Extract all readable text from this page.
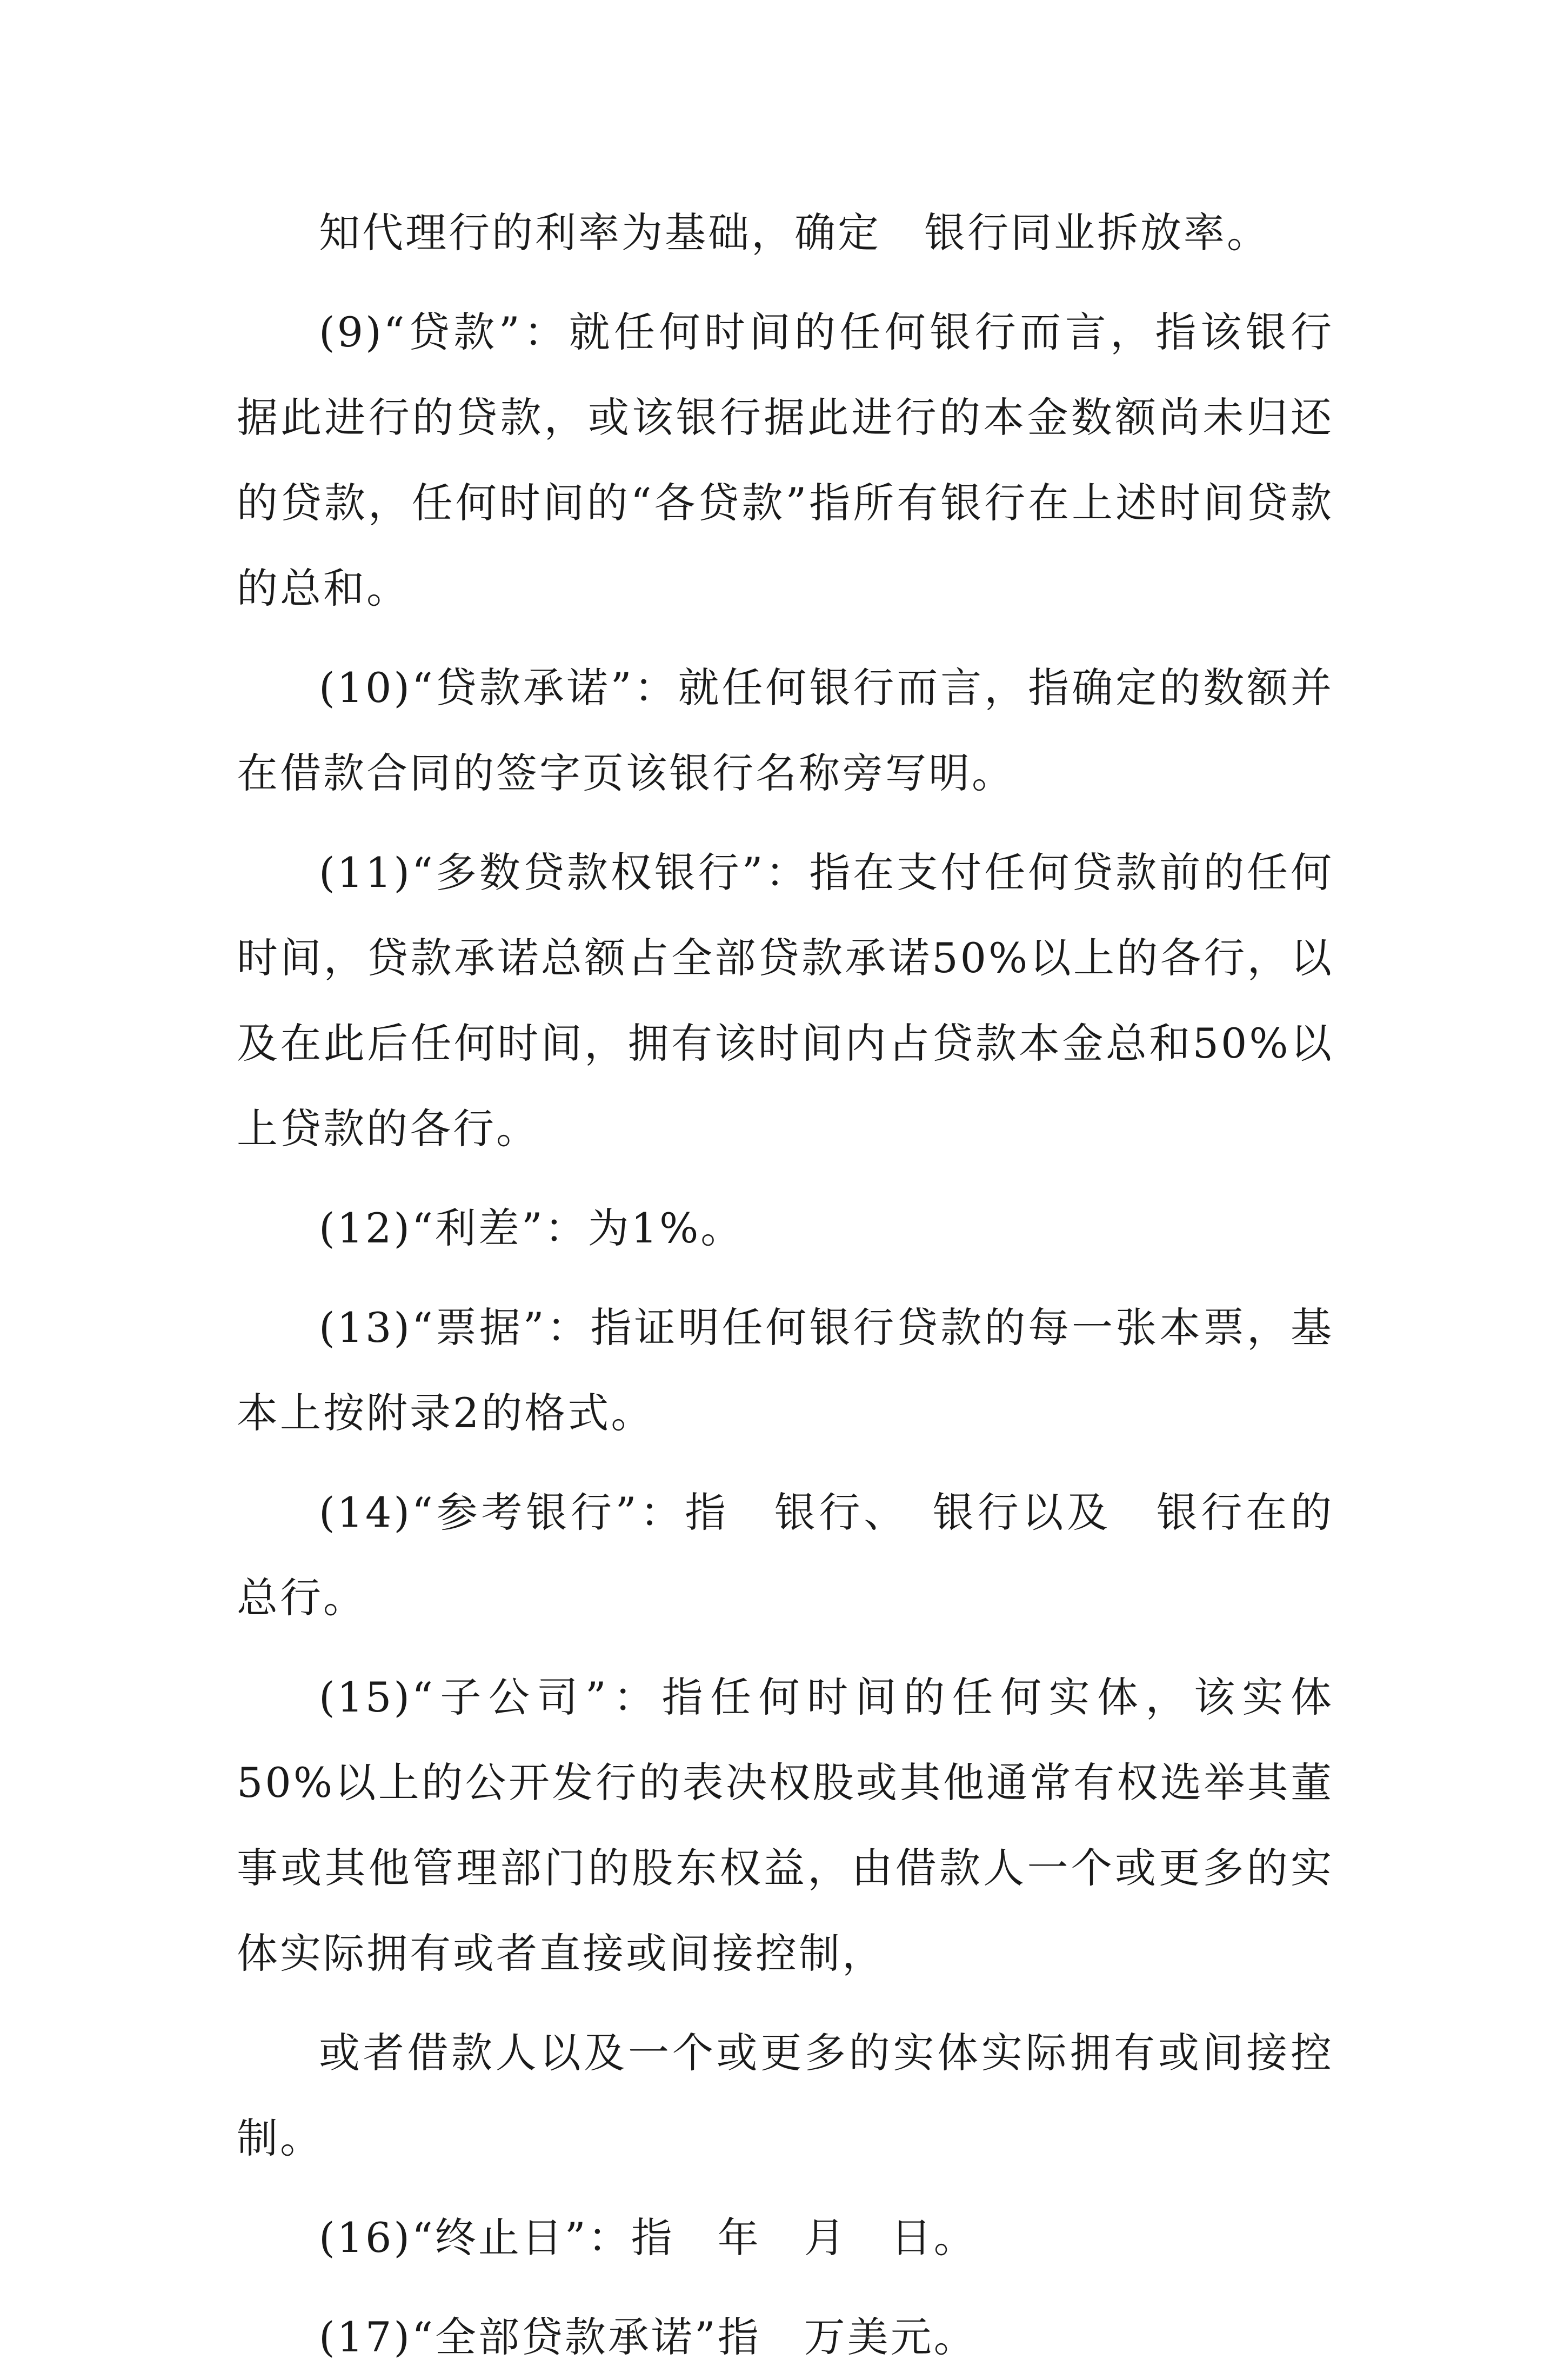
知代理行的利率为基础，确定　银行同业拆放率。

(9)“贷款”：就任何时间的任何银行而言，指该银行据此进行的贷款，或该银行据此进行的本金数额尚未归还的贷款，任何时间的“各贷款”指所有银行在上述时间贷款的总和。

(10)“贷款承诺”：就任何银行而言，指确定的数额并在借款合同的签字页该银行名称旁写明。

(11)“多数贷款权银行”：指在支付任何贷款前的任何时间，贷款承诺总额占全部贷款承诺50%以上的各行，以及在此后任何时间，拥有该时间内占贷款本金总和50%以上贷款的各行。

(12)“利差”：为1%。

(13)“票据”：指证明任何银行贷款的每一张本票，基本上按附录2的格式。

(14)“参考银行”：指　银行、　银行以及　银行在的总行。

(15)“子公司”：指任何时间的任何实体，该实体50%以上的公开发行的表决权股或其他通常有权选举其董事或其他管理部门的股东权益，由借款人一个或更多的实体实际拥有或者直接或间接控制，

或者借款人以及一个或更多的实体实际拥有或间接控制。

(16)“终止日”：指　年　月　日。

(17)“全部贷款承诺”指　万美元。
